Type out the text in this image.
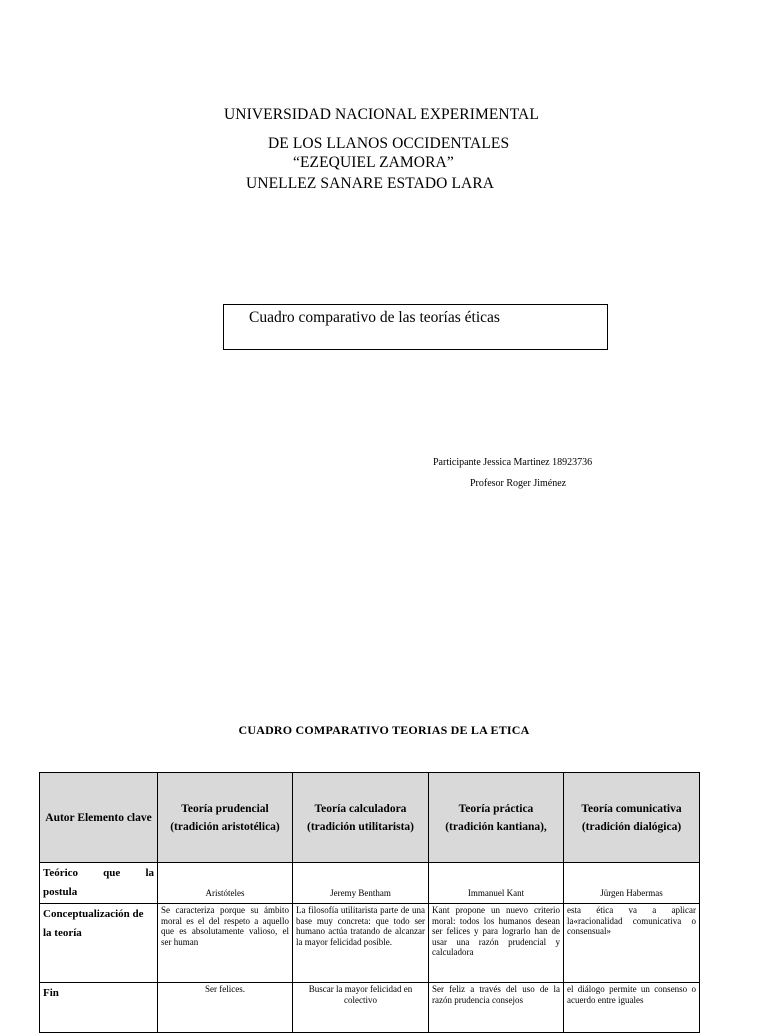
UNIVERSIDAD NACIONAL EXPERIMENTAL
DE LOS LLANOS OCCIDENTALES
“EZEQUIEL ZAMORA”
UNELLEZ SANARE ESTADO LARA
Cuadro comparativo de las teorías éticas
Participante Jessica Martinez 18923736
Profesor Roger Jiménez
CUADRO COMPARATIVO TEORIAS DE LA ETICA
Autor Elemento clave	Teoría prudencial (tradición aristotélica)	Teoría calculadora (tradición utilitarista)	Teoría práctica (tradición kantiana),	Teoría comunicativa (tradición dialógica)

Teórico que la
postula	Aristóteles	Jeremy Bentham	Immanuel Kant	Jürgen Habermas
Conceptualización de la teoría	Se caracteriza porque su ámbito moral es el del respeto a aquello que es absolutamente valioso, el ser human	La filosofía utilitarista parte de una base muy concreta: que todo ser humano actúa tratando de alcanzar la mayor felicidad posible.	Kant propone un nuevo criterio moral: todos los humanos desean ser felices y para lograrlo han de usar una razón prudencial y calculadora	esta ética va a aplicar la«racionalidad comunicativa o consensual»
Fin	Ser felices.	Buscar la mayor felicidad en colectivo	Ser feliz a través del uso de la razón prudencia consejos	el diálogo permite un consenso o acuerdo entre iguales
